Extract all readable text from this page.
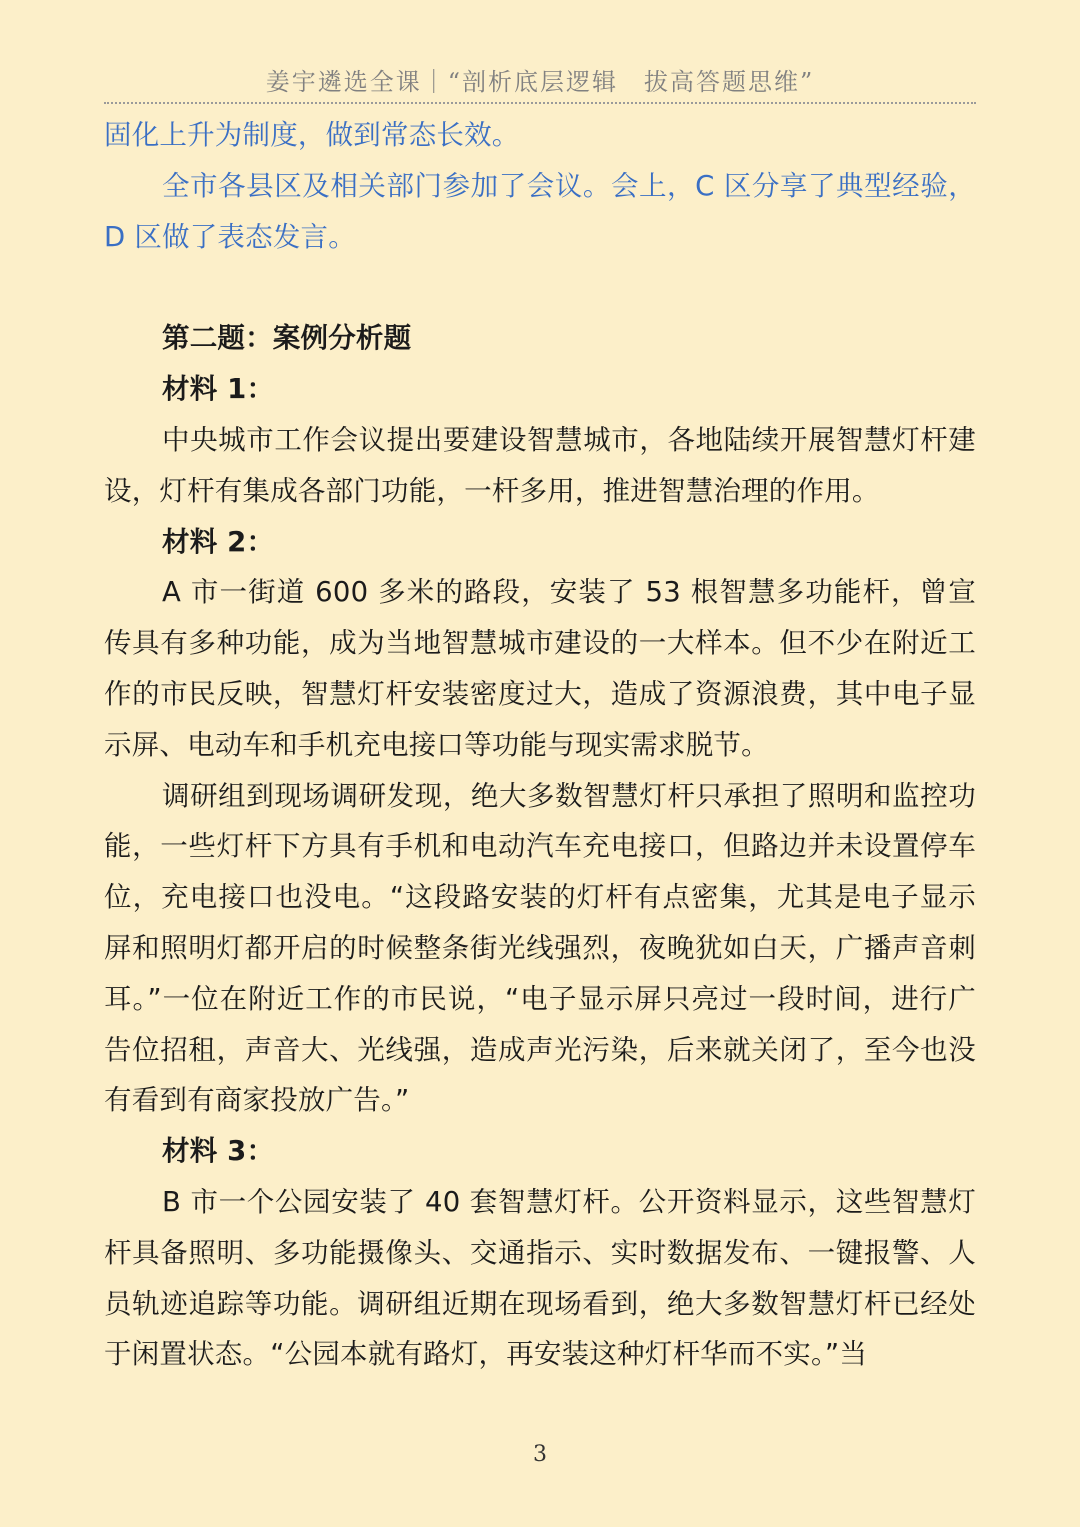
姜宇遴选全课｜“剖析底层逻辑　拔高答题思维”

固化上升为制度，做到常态长效。

全市各县区及相关部门参加了会议。会上，C 区分享了典型经验，D 区做了表态发言。

第二题：案例分析题

材料 1：

中央城市工作会议提出要建设智慧城市，各地陆续开展智慧灯杆建设，灯杆有集成各部门功能，一杆多用，推进智慧治理的作用。

材料 2：

A 市一街道 600 多米的路段，安装了 53 根智慧多功能杆，曾宣传具有多种功能，成为当地智慧城市建设的一大样本。但不少在附近工作的市民反映，智慧灯杆安装密度过大，造成了资源浪费，其中电子显示屏、电动车和手机充电接口等功能与现实需求脱节。

调研组到现场调研发现，绝大多数智慧灯杆只承担了照明和监控功能，一些灯杆下方具有手机和电动汽车充电接口，但路边并未设置停车位，充电接口也没电。“这段路安装的灯杆有点密集，尤其是电子显示屏和照明灯都开启的时候整条街光线强烈，夜晚犹如白天，广播声音刺耳。”一位在附近工作的市民说，“电子显示屏只亮过一段时间，进行广告位招租，声音大、光线强，造成声光污染，后来就关闭了，至今也没有看到有商家投放广告。”

材料 3：

B 市一个公园安装了 40 套智慧灯杆。公开资料显示，这些智慧灯杆具备照明、多功能摄像头、交通指示、实时数据发布、一键报警、人员轨迹追踪等功能。调研组近期在现场看到，绝大多数智慧灯杆已经处于闲置状态。“公园本就有路灯，再安装这种灯杆华而不实。”当

3
